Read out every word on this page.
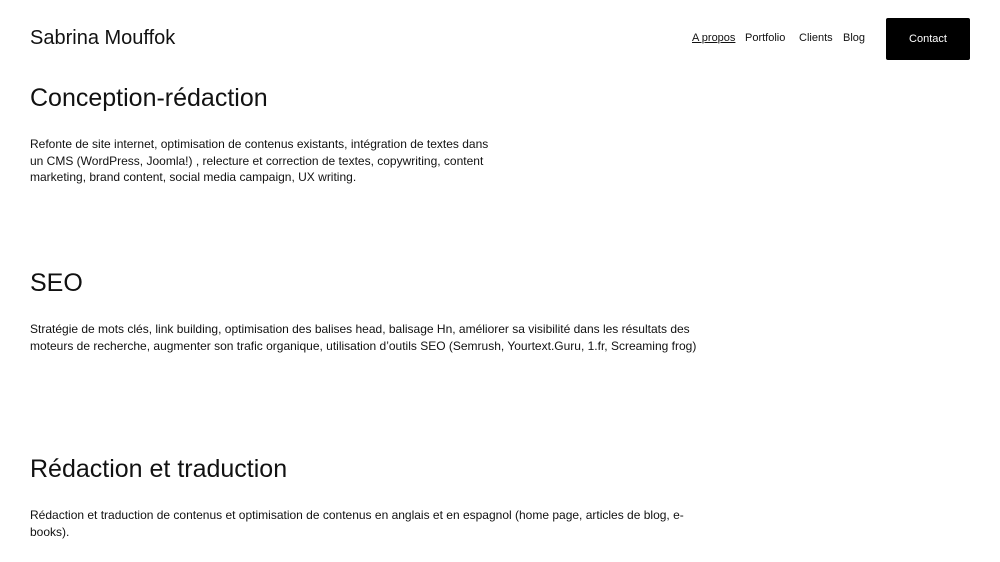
Sabrina Mouffok	A propos Portfolio Clients Blog	Contact
Conception-rédaction

Refonte de site internet, optimisation de contenus existants, intégration de textes dans un CMS (WordPress, Joomla!) , relecture et correction de textes, copywriting, content marketing, brand content, social media campaign, UX writing.

SEO

Stratégie de mots clés, link building, optimisation des balises head, balisage Hn, améliorer sa visibilité dans les résultats des moteurs de recherche, augmenter son trafic organique, utilisation d’outils SEO (Semrush, Yourtext.Guru, 1.fr, Screaming frog)

Rédaction et traduction

Rédaction et traduction de contenus et optimisation de contenus en anglais et en espagnol (home page, articles de blog, e-books).
